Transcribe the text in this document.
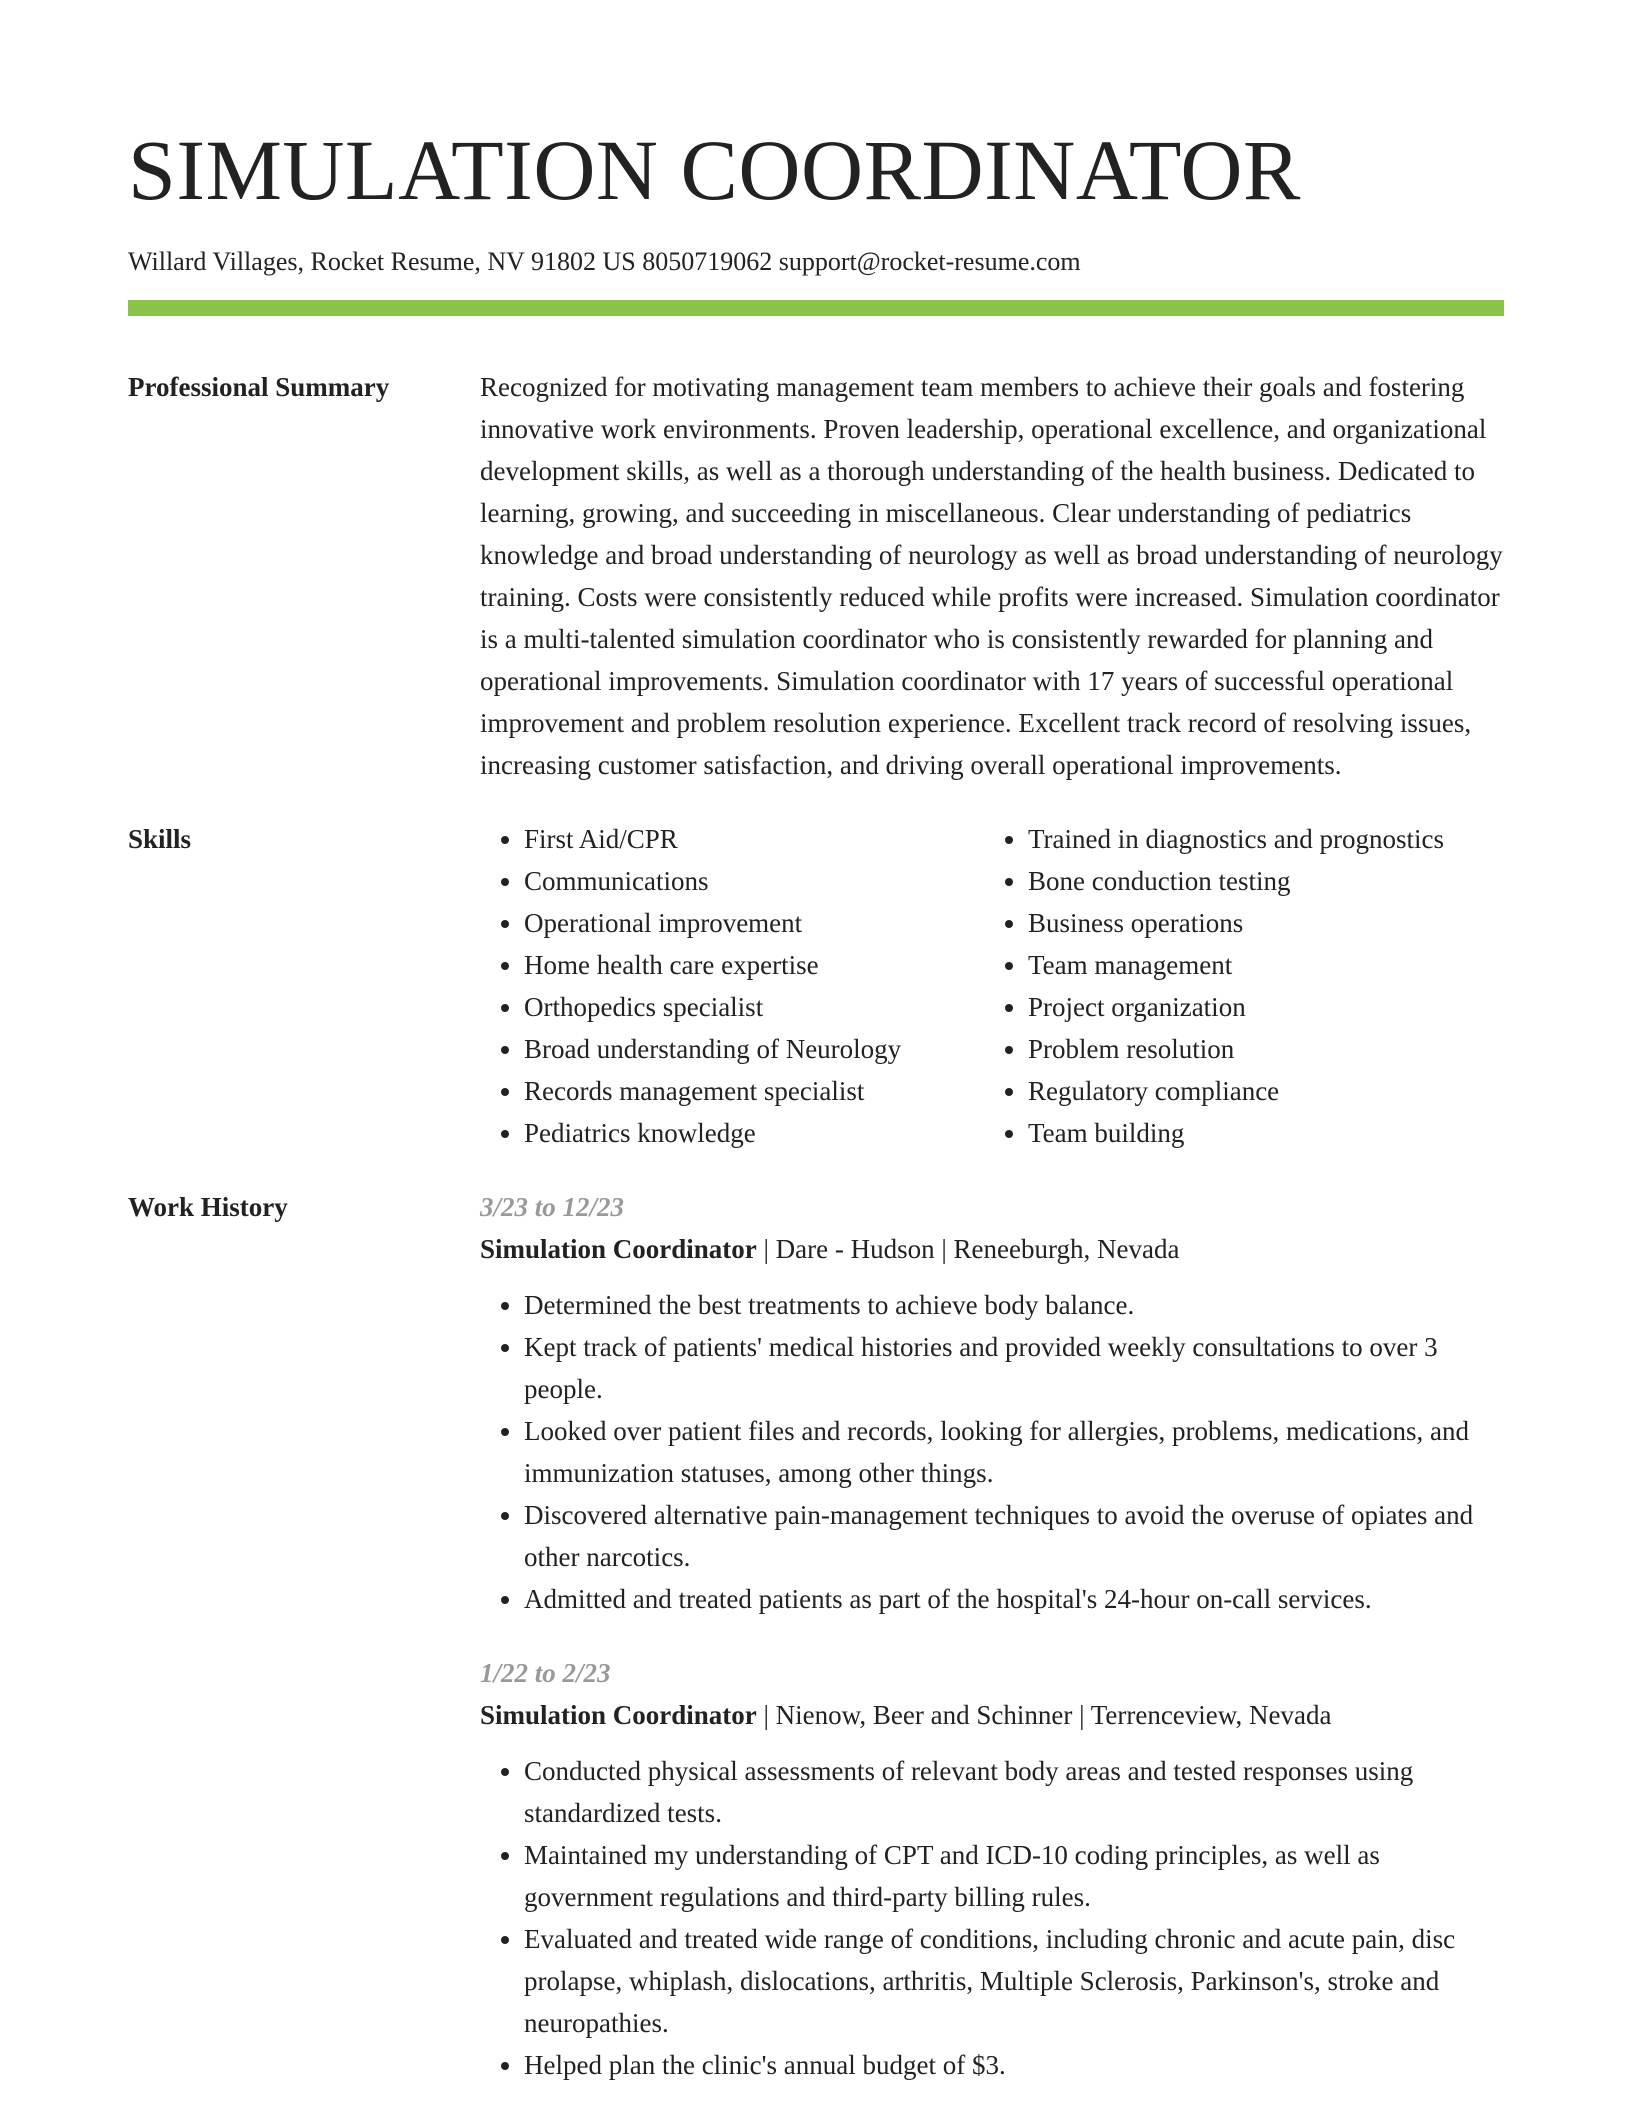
SIMULATION COORDINATOR
Willard Villages, Rocket Resume, NV 91802 US 8050719062 support@rocket-resume.com
Professional Summary	Recognized for motivating management team members to achieve their goals and fostering innovative work environments. Proven leadership, operational excellence, and organizational development skills, as well as a thorough understanding of the health business. Dedicated to learning, growing, and succeeding in miscellaneous. Clear understanding of pediatrics knowledge and broad understanding of neurology as well as broad understanding of neurology training. Costs were consistently reduced while profits were increased. Simulation coordinator is a multi-talented simulation coordinator who is consistently rewarded for planning and operational improvements. Simulation coordinator with 17 years of successful operational improvement and problem resolution experience. Excellent track record of resolving issues, increasing customer satisfaction, and driving overall operational improvements.

Skills
•	First Aid/CPR
• Communications
• Operational improvement
• Home health care expertise
• Orthopedics specialist
• Broad understanding of Neurology
• Records management specialist
• Pediatrics knowledge
• Trained in diagnostics and prognostics
• Bone conduction testing
• Business operations
• Team management
• Project organization
• Problem resolution
• Regulatory compliance
• Team building
Work History	3/23 to 12/23
Simulation Coordinator | Dare - Hudson | Reneeburgh, Nevada
• Determined the best treatments to achieve body balance.
• Kept track of patients' medical histories and provided weekly consultations to over 3 people.
• Looked over patient files and records, looking for allergies, problems, medications, and immunization statuses, among other things.
• Discovered alternative pain-management techniques to avoid the overuse of opiates and other narcotics.
• Admitted and treated patients as part of the hospital's 24-hour on-call services.
1/22 to 2/23
Simulation Coordinator | Nienow, Beer and Schinner | Terrenceview, Nevada
• Conducted physical assessments of relevant body areas and tested responses using standardized tests.
• Maintained my understanding of CPT and ICD-10 coding principles, as well as government regulations and third-party billing rules.
• Evaluated and treated wide range of conditions, including chronic and acute pain, disc prolapse, whiplash, dislocations, arthritis, Multiple Sclerosis, Parkinson's, stroke and neuropathies.
• Helped plan the clinic's annual budget of $3.
